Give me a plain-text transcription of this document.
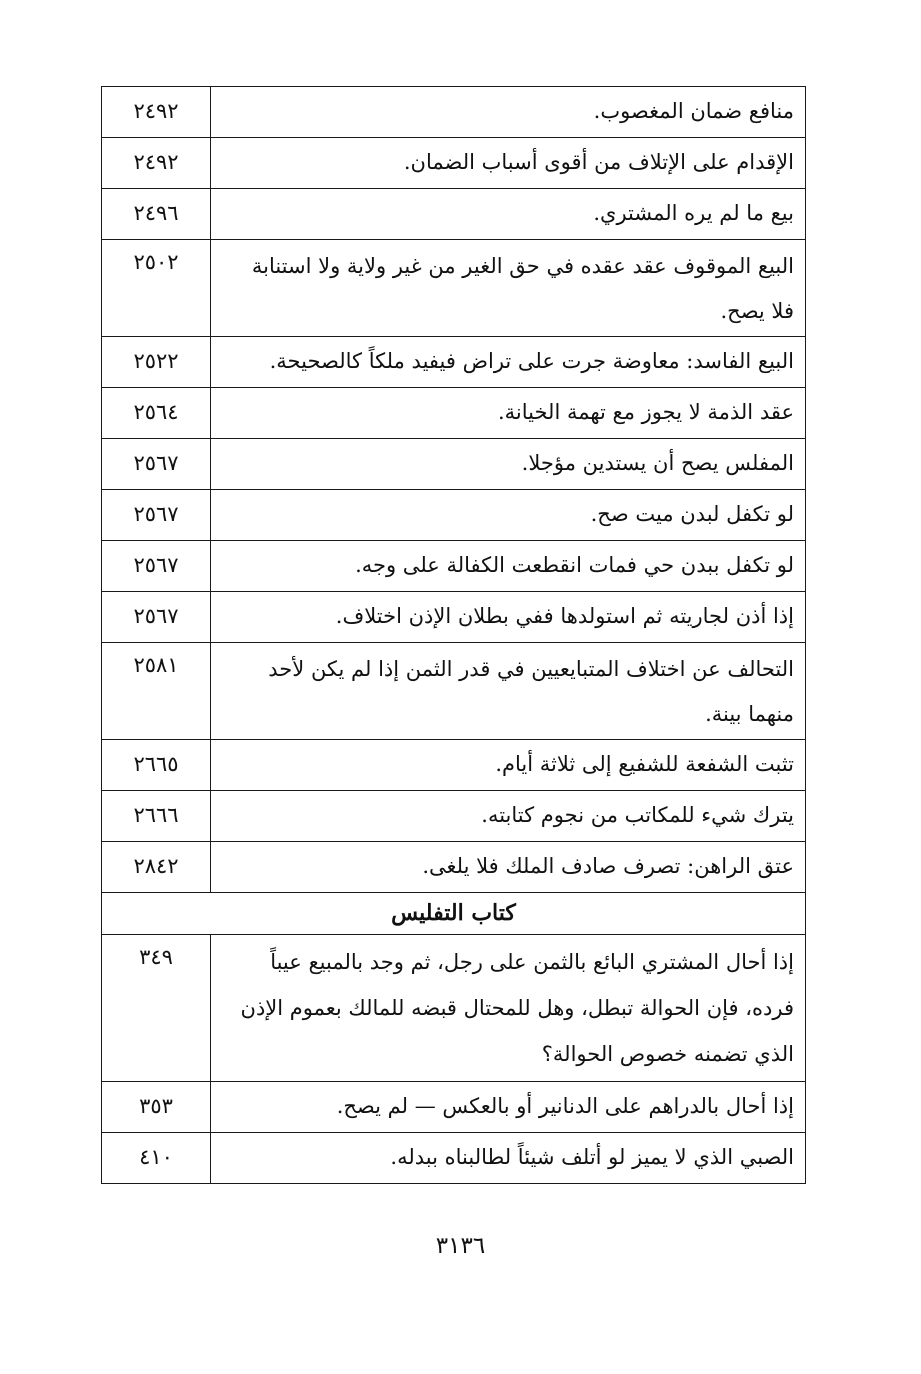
منافع ضمان المغصوب.	٢٤٩٢
الإقدام على الإتلاف من أقوى أسباب الضمان.	٢٤٩٢
بيع ما لم يره المشتري.	٢٤٩٦
البيع الموقوف عقد عقده في حق الغير من غير ولاية ولا استنابة فلا يصح.	٢٥٠٢
البيع الفاسد: معاوضة جرت على تراض فيفيد ملكاً كالصحيحة.	٢٥٢٢
عقد الذمة لا يجوز مع تهمة الخيانة.	٢٥٦٤
المفلس يصح أن يستدين مؤجلا.	٢٥٦٧
لو تكفل لبدن ميت صح.	٢٥٦٧
لو تكفل ببدن حي فمات انقطعت الكفالة على وجه.	٢٥٦٧
إذا أذن لجاريته ثم استولدها ففي بطلان الإذن اختلاف.	٢٥٦٧
التحالف عن اختلاف المتبايعيين في قدر الثمن إذا لم يكن لأحد منهما بينة.	٢٥٨١
تثبت الشفعة للشفيع إلى ثلاثة أيام.	٢٦٦٥
يترك شيء للمكاتب من نجوم كتابته.	٢٦٦٦
عتق الراهن: تصرف صادف الملك فلا يلغى.	٢٨٤٢
كتاب التفليس	
إذا أحال المشتري البائع بالثمن على رجل، ثم وجد بالمبيع عيباً فرده، فإن الحوالة تبطل، وهل للمحتال قبضه للمالك بعموم الإذن الذي تضمنه خصوص الحوالة؟	٣٤٩
إذا أحال بالدراهم على الدنانير أو بالعكس — لم يصح.	٣٥٣
الصبي الذي لا يميز لو أتلف شيئاً لطالبناه ببدله.	٤١٠
٣١٣٦
